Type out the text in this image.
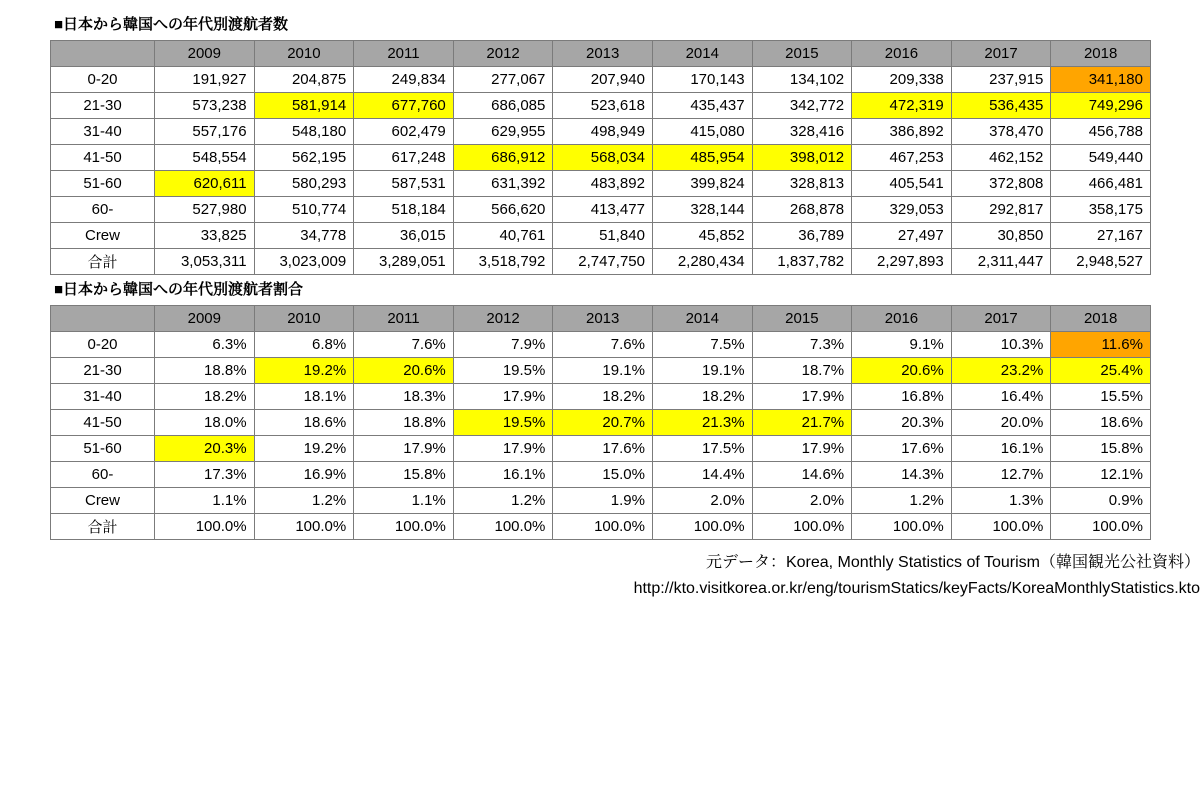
■日本から韓国への年代別渡航者数
	2009	2010	2011	2012	2013	2014	2015	2016	2017	2018
0-20	191,927	204,875	249,834	277,067	207,940	170,143	134,102	209,338	237,915	341,180
21-30	573,238	581,914	677,760	686,085	523,618	435,437	342,772	472,319	536,435	749,296
31-40	557,176	548,180	602,479	629,955	498,949	415,080	328,416	386,892	378,470	456,788
41-50	548,554	562,195	617,248	686,912	568,034	485,954	398,012	467,253	462,152	549,440
51-60	620,611	580,293	587,531	631,392	483,892	399,824	328,813	405,541	372,808	466,481
60-	527,980	510,774	518,184	566,620	413,477	328,144	268,878	329,053	292,817	358,175
Crew	33,825	34,778	36,015	40,761	51,840	45,852	36,789	27,497	30,850	27,167
合計	3,053,311	3,023,009	3,289,051	3,518,792	2,747,750	2,280,434	1,837,782	2,297,893	2,311,447	2,948,527
■日本から韓国への年代別渡航者割合
	2009	2010	2011	2012	2013	2014	2015	2016	2017	2018
0-20	6.3%	6.8%	7.6%	7.9%	7.6%	7.5%	7.3%	9.1%	10.3%	11.6%
21-30	18.8%	19.2%	20.6%	19.5%	19.1%	19.1%	18.7%	20.6%	23.2%	25.4%
31-40	18.2%	18.1%	18.3%	17.9%	18.2%	18.2%	17.9%	16.8%	16.4%	15.5%
41-50	18.0%	18.6%	18.8%	19.5%	20.7%	21.3%	21.7%	20.3%	20.0%	18.6%
51-60	20.3%	19.2%	17.9%	17.9%	17.6%	17.5%	17.9%	17.6%	16.1%	15.8%
60-	17.3%	16.9%	15.8%	16.1%	15.0%	14.4%	14.6%	14.3%	12.7%	12.1%
Crew	1.1%	1.2%	1.1%	1.2%	1.9%	2.0%	2.0%	1.2%	1.3%	0.9%
合計	100.0%	100.0%	100.0%	100.0%	100.0%	100.0%	100.0%	100.0%	100.0%	100.0%
元データ：Korea, Monthly Statistics of Tourism（韓国観光公社資料）
http://kto.visitkorea.or.kr/eng/tourismStatics/keyFacts/KoreaMonthlyStatistics.kto
